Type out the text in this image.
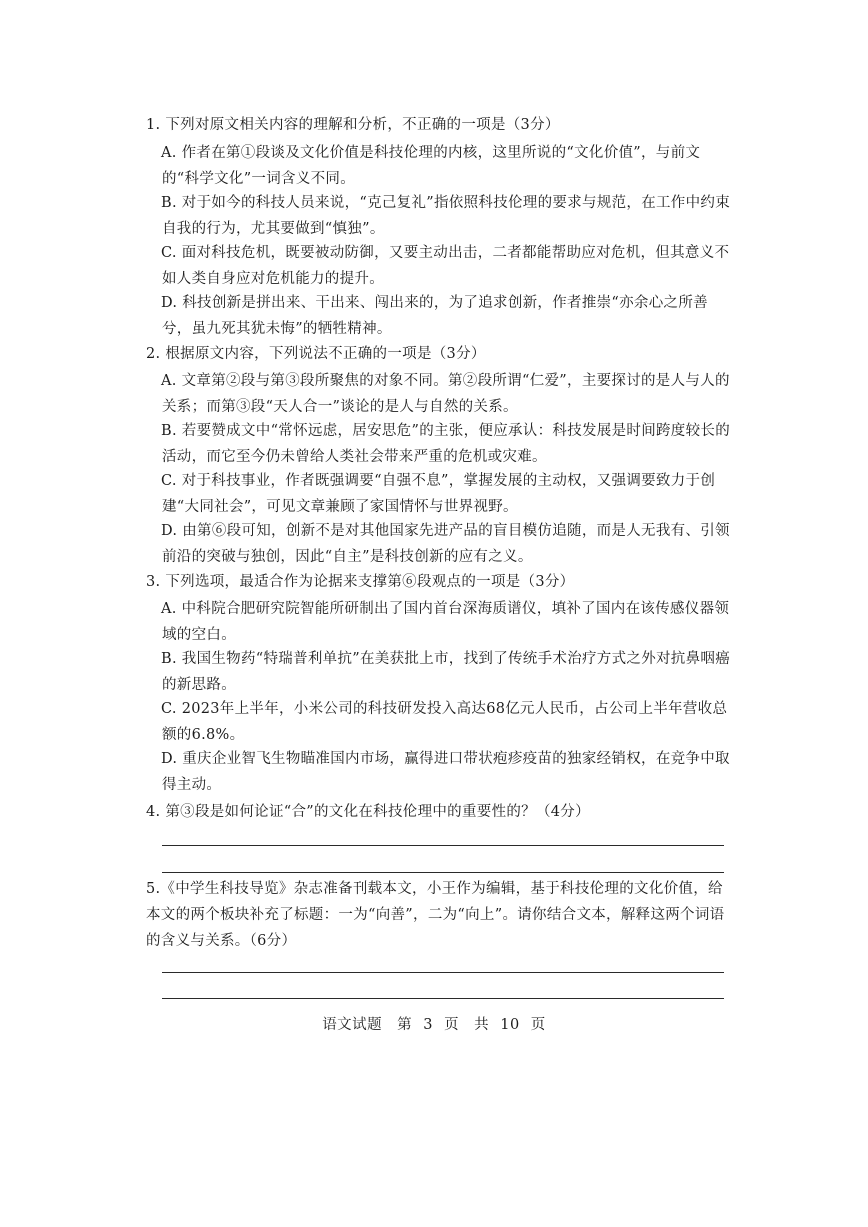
1. 下列对原文相关内容的理解和分析，不正确的一项是（3分）
A. 作者在第①段谈及文化价值是科技伦理的内核，这里所说的“文化价值”，与前文的“科学文化”一词含义不同。
B. 对于如今的科技人员来说，“克己复礼”指依照科技伦理的要求与规范，在工作中约束自我的行为，尤其要做到“慎独”。
C. 面对科技危机，既要被动防御，又要主动出击，二者都能帮助应对危机，但其意义不如人类自身应对危机能力的提升。
D. 科技创新是拼出来、干出来、闯出来的，为了追求创新，作者推崇“亦余心之所善兮，虽九死其犹未悔”的牺牲精神。
2. 根据原文内容，下列说法不正确的一项是（3分）
A. 文章第②段与第③段所聚焦的对象不同。第②段所谓“仁爱”，主要探讨的是人与人的关系；而第③段“天人合一”谈论的是人与自然的关系。
B. 若要赞成文中“常怀远虑，居安思危”的主张，便应承认：科技发展是时间跨度较长的活动，而它至今仍未曾给人类社会带来严重的危机或灾难。
C. 对于科技事业，作者既强调要“自强不息”，掌握发展的主动权，又强调要致力于创建“大同社会”，可见文章兼顾了家国情怀与世界视野。
D. 由第⑥段可知，创新不是对其他国家先进产品的盲目模仿追随，而是人无我有、引领前沿的突破与独创，因此“自主”是科技创新的应有之义。
3. 下列选项，最适合作为论据来支撑第⑥段观点的一项是（3分）
A. 中科院合肥研究院智能所研制出了国内首台深海质谱仪，填补了国内在该传感仪器领域的空白。
B. 我国生物药“特瑞普利单抗”在美获批上市，找到了传统手术治疗方式之外对抗鼻咽癌的新思路。
C. 2023年上半年，小米公司的科技研发投入高达68亿元人民币，占公司上半年营收总额的6.8%。
D. 重庆企业智飞生物瞄准国内市场，赢得进口带状疱疹疫苗的独家经销权，在竞争中取得主动。
4. 第③段是如何论证“合”的文化在科技伦理中的重要性的？（4分）
5.《中学生科技导览》杂志准备刊载本文，小王作为编辑，基于科技伦理的文化价值，给本文的两个板块补充了标题：一为“向善”，二为“向上”。请你结合文本，解释这两个词语的含义与关系。（6分）
语文试题　第 3 页　共 10 页
